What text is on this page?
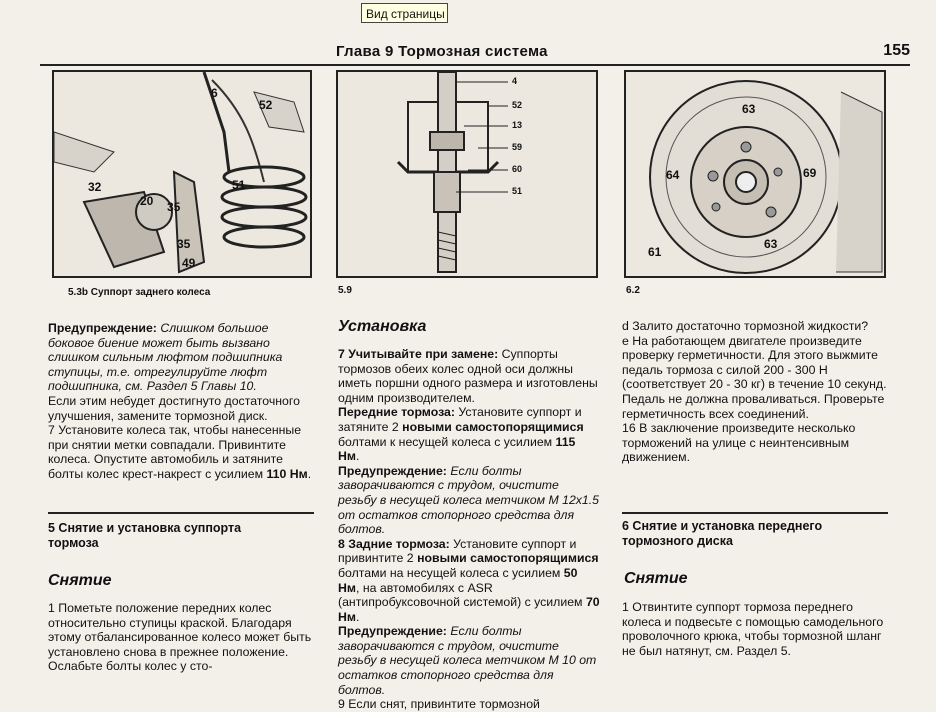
Вид страницы
Глава 9 Тормозная система	155
6
52
32
20 35
51
35
49
5.3b Суппорт заднего колеса
4
52
13
59
60
51
5.9
63
64	69
61
63
6.2

Предупреждение: Слишком большое боковое биение может быть вызвано слишком сильным люфтом подшипника ступицы, т.е. отрегулируйте люфт подшипника, см. Раздел 5 Главы 10.

Если этим небудет достигнуто достаточного улучшения, замените тормозной диск.

7 Установите колеса так, чтобы нанесенные при снятии метки совпадали. Привинтите колеса. Опустите автомобиль и затяните болты колес крест-накрест с усилием 110 Нм.

5 Снятие и установка суппорта
тормоза
Снятие

1 Пометьте положение передних колес относительно ступицы краской. Благодаря этому отбалансированное колесо может быть установлено снова в прежнее положение. Ослабьте болты колес у сто-

Установка

7 Учитывайте при замене: Суппорты тормозов обеих колес одной оси должны иметь поршни одного размера и изготовлены одним производителем.

Передние тормоза: Установите суппорт и затяните 2 новыми самостопорящимися болтами к несущей колеса с усилием 115 Нм.

Предупреждение: Если болты заворачиваются с трудом, очистите резьбу в несущей колеса метчиком М 12х1.5 от остатков стопорного средства для болтов.

8 Задние тормоза: Установите суппорт и привинтите 2 новыми самостопорящимися болтами на несущей колеса с усилием 50 Нм, на автомобилях с ASR (антипробуксовочной системой) с усилием 70 Нм.

Предупреждение: Если болты заворачиваются с трудом, очистите резьбу в несущей колеса метчиком М 10 от остатков стопорного средства для болтов.

9 Если снят, привинтите тормозной

d Залито достаточно тормозной жидкости?

е На работающем двигателе произведите проверку герметичности. Для этого выжмите педаль тормоза с силой 200 - 300 Н (соответствует 20 - 30 кг) в течение 10 секунд. Педаль не должна проваливаться. Проверьте герметичность всех соединений.

16 В заключение произведите несколько торможений на улице с неинтенсивным движением.

6 Снятие и установка переднего
тормозного диска
Снятие

1 Отвинтите суппорт тормоза переднего колеса и подвесьте с помощью самодельного проволочного крюка, чтобы тормозной шланг не был натянут, см. Раздел 5.
